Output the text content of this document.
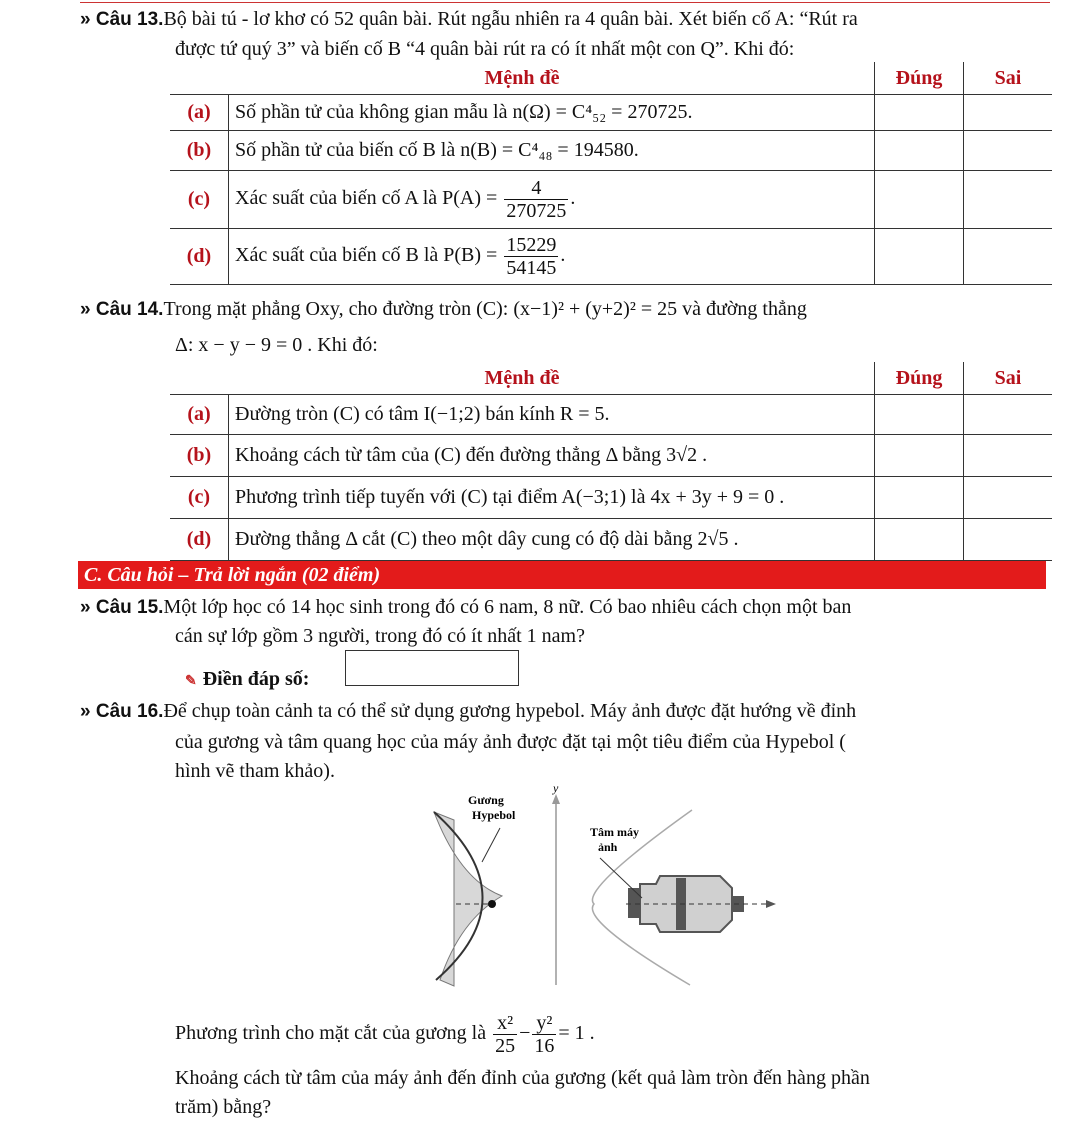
» Câu 13.Bộ bài tú - lơ khơ có 52 quân bài. Rút ngẫu nhiên ra 4 quân bài. Xét biến cố A: “Rút ra
được tứ quý 3” và biến cố B “4 quân bài rút ra có ít nhất một con Q”. Khi đó:
Mệnh đề		Đúng	Sai
(a)	Số phần tử của không gian mẫu là n(Ω) = C⁴₅₂ = 270725.		
(b)	Số phần tử của biến cố B là n(B) = C⁴₄₈ = 194580.		
(c)	Xác suất của biến cố A là $P(A) = \frac{4}{270725}$ .		
(d)	Xác suất của biến cố B là $P(B) = \frac{15229}{54145}$ .		
» Câu 14.Trong mặt phẳng Oxy, cho đường tròn (C): (x−1)² + (y+2)² = 25 và đường thẳng
Δ: x − y − 9 = 0 . Khi đó:
Mệnh đề		Đúng	Sai
(a)	Đường tròn (C) có tâm I(−1;2) bán kính R = 5.		
(b)	Khoảng cách từ tâm của (C) đến đường thẳng Δ bằng 3√2 .		
(c)	Phương trình tiếp tuyến với (C) tại điểm A(−3;1) là 4x + 3y + 9 = 0 .		
(d)	Đường thẳng Δ cắt (C) theo một dây cung có độ dài bằng 2√5 .		
C. Câu hỏi – Trả lời ngắn (02 điểm)
» Câu 15.Một lớp học có 14 học sinh trong đó có 6 nam, 8 nữ. Có bao nhiêu cách chọn một ban
cán sự lớp gồm 3 người, trong đó có ít nhất 1 nam?
✎ Điền đáp số:
» Câu 16.Để chụp toàn cảnh ta có thể sử dụng gương hypebol. Máy ảnh được đặt hướng về đỉnh
của gương và tâm quang học của máy ảnh được đặt tại một tiêu điểm của Hypebol (
hình vẽ tham khảo).
y
Gương
Hypebol
Tâm máy
ảnh
Phương trình cho mặt cắt của gương là $\frac{\text{x²}}{25} - \frac{\text{y²}}{16} = 1$ .
Khoảng cách từ tâm của máy ảnh đến đỉnh của gương (kết quả làm tròn đến hàng phần
trăm) bằng?
